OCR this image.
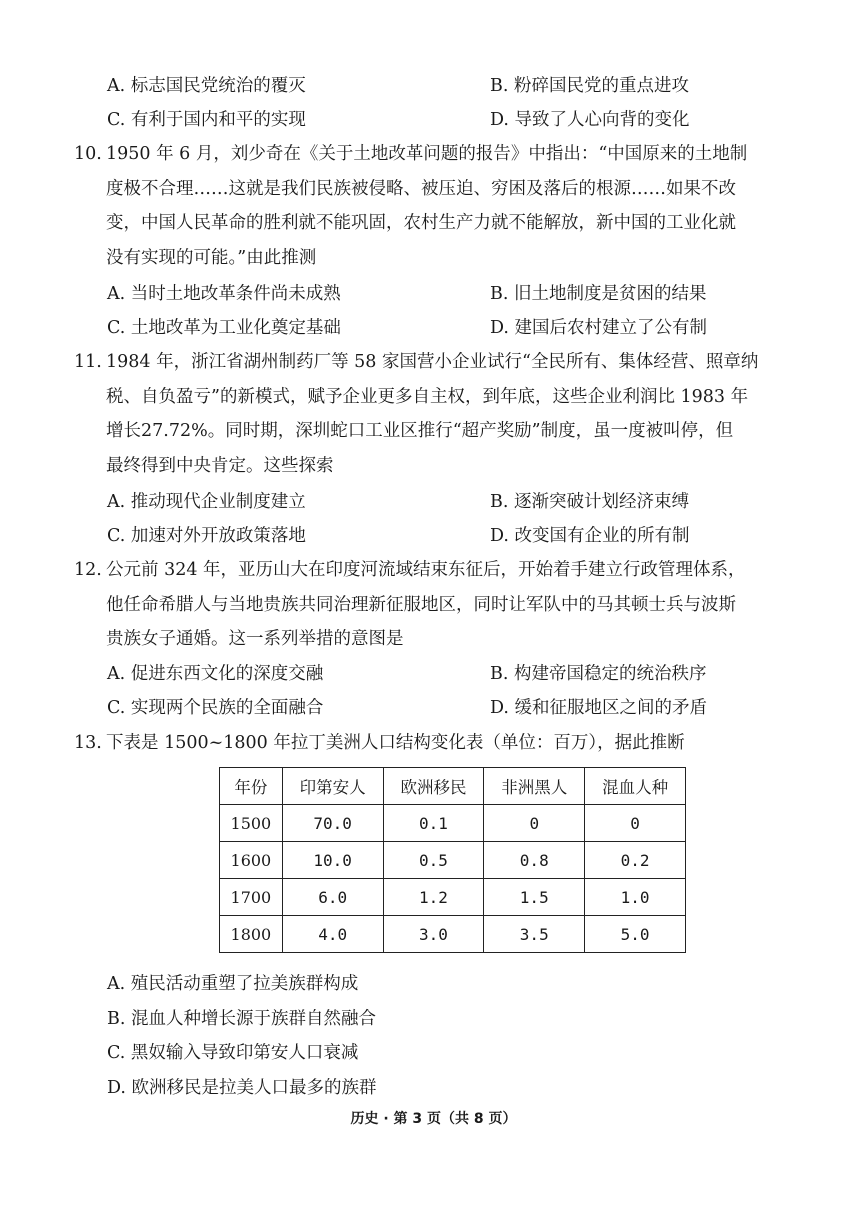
A. 标志国民党统治的覆灭	B. 粉碎国民党的重点进攻
C. 有利于国内和平的实现	D. 导致了人心向背的变化
10. 1950 年 6 月，刘少奇在《关于土地改革问题的报告》中指出：“中国原来的土地制
度极不合理……这就是我们民族被侵略、被压迫、穷困及落后的根源……如果不改
变，中国人民革命的胜利就不能巩固，农村生产力就不能解放，新中国的工业化就
没有实现的可能。”由此推测
A. 当时土地改革条件尚未成熟	B. 旧土地制度是贫困的结果
C. 土地改革为工业化奠定基础	D. 建国后农村建立了公有制
11. 1984 年，浙江省湖州制药厂等 58 家国营小企业试行“全民所有、集体经营、照章纳
税、自负盈亏”的新模式，赋予企业更多自主权，到年底，这些企业利润比 1983 年
增长27.72%。同时期，深圳蛇口工业区推行“超产奖励”制度，虽一度被叫停，但
最终得到中央肯定。这些探索
A. 推动现代企业制度建立	B. 逐渐突破计划经济束缚
C. 加速对外开放政策落地	D. 改变国有企业的所有制
12. 公元前 324 年，亚历山大在印度河流域结束东征后，开始着手建立行政管理体系，
他任命希腊人与当地贵族共同治理新征服地区，同时让军队中的马其顿士兵与波斯
贵族女子通婚。这一系列举措的意图是
A. 促进东西文化的深度交融	B. 构建帝国稳定的统治秩序
C. 实现两个民族的全面融合	D. 缓和征服地区之间的矛盾
13. 下表是 1500~1800 年拉丁美洲人口结构变化表（单位：百万），据此推断
年份	印第安人	欧洲移民	非洲黑人	混血人种
1500	70.0	0.1	0	0
1600	10.0	0.5	0.8	0.2
1700	6.0	1.2	1.5	1.0
1800	4.0	3.0	3.5	5.0
A. 殖民活动重塑了拉美族群构成
B. 混血人种增长源于族群自然融合
C. 黑奴输入导致印第安人口衰减
D. 欧洲移民是拉美人口最多的族群
历史 · 第 3 页（共 8 页）
